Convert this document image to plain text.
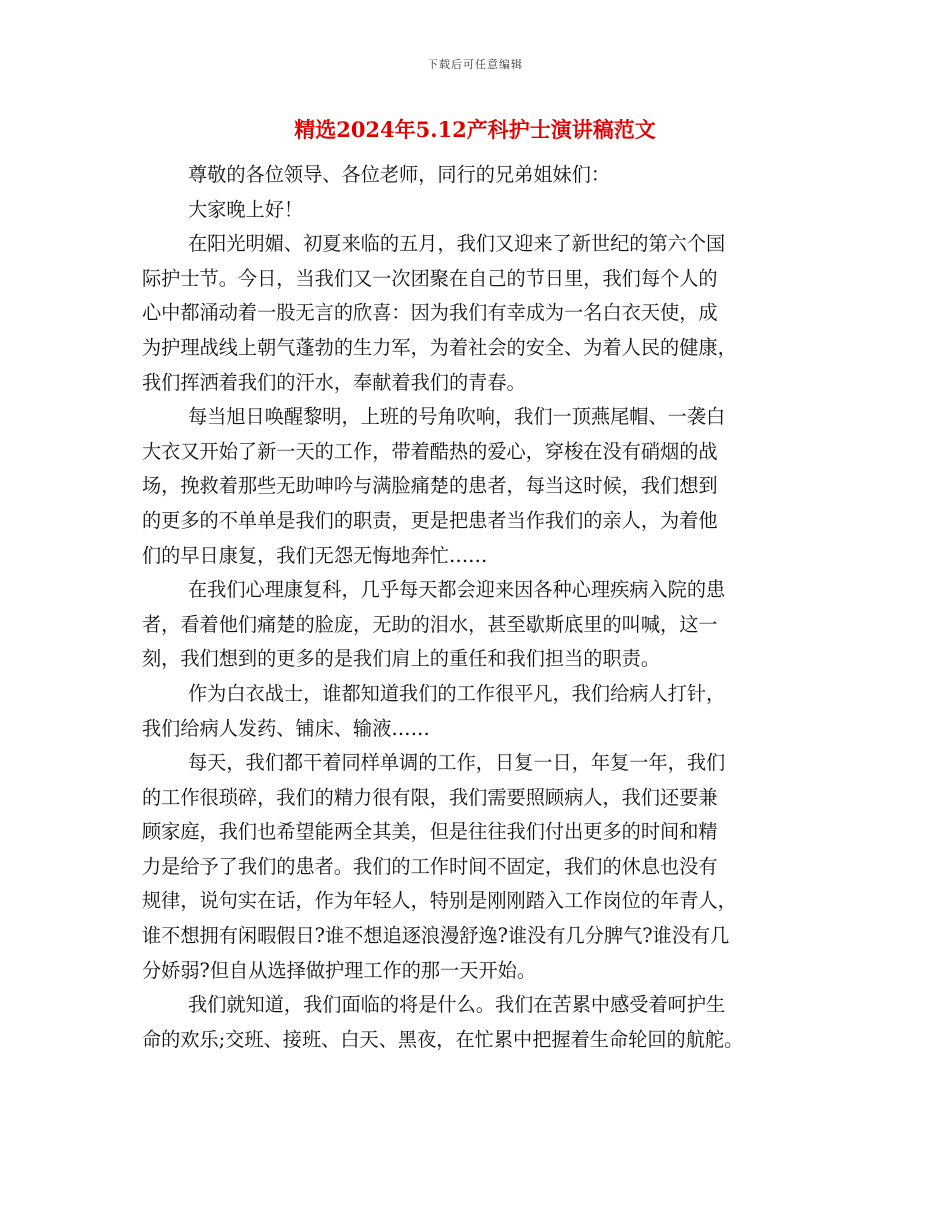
下载后可任意编辑
精选2024年5.12产科护士演讲稿范文
尊敬的各位领导、各位老师，同行的兄弟姐妹们：
大家晚上好！
在阳光明媚、初夏来临的五月，我们又迎来了新世纪的第六个国
际护士节。今日，当我们又一次团聚在自己的节日里，我们每个人的
心中都涌动着一股无言的欣喜：因为我们有幸成为一名白衣天使，成
为护理战线上朝气蓬勃的生力军，为着社会的安全、为着人民的健康，
我们挥洒着我们的汗水，奉献着我们的青春。
每当旭日唤醒黎明，上班的号角吹响，我们一顶燕尾帽、一袭白
大衣又开始了新一天的工作，带着酷热的爱心，穿梭在没有硝烟的战
场，挽救着那些无助呻吟与满脸痛楚的患者，每当这时候，我们想到
的更多的不单单是我们的职责，更是把患者当作我们的亲人，为着他
们的早日康复，我们无怨无悔地奔忙……
在我们心理康复科，几乎每天都会迎来因各种心理疾病入院的患
者，看着他们痛楚的脸庞，无助的泪水，甚至歇斯底里的叫喊，这一
刻，我们想到的更多的是我们肩上的重任和我们担当的职责。
作为白衣战士，谁都知道我们的工作很平凡，我们给病人打针，
我们给病人发药、铺床、输液……
每天，我们都干着同样单调的工作，日复一日，年复一年，我们
的工作很琐碎，我们的精力很有限，我们需要照顾病人，我们还要兼
顾家庭，我们也希望能两全其美，但是往往我们付出更多的时间和精
力是给予了我们的患者。我们的工作时间不固定，我们的休息也没有
规律，说句实在话，作为年轻人，特别是刚刚踏入工作岗位的年青人，
谁不想拥有闲暇假日?谁不想追逐浪漫舒逸?谁没有几分脾气?谁没有几
分娇弱?但自从选择做护理工作的那一天开始。
我们就知道，我们面临的将是什么。我们在苦累中感受着呵护生
命的欢乐;交班、接班、白天、黑夜，在忙累中把握着生命轮回的航舵。
